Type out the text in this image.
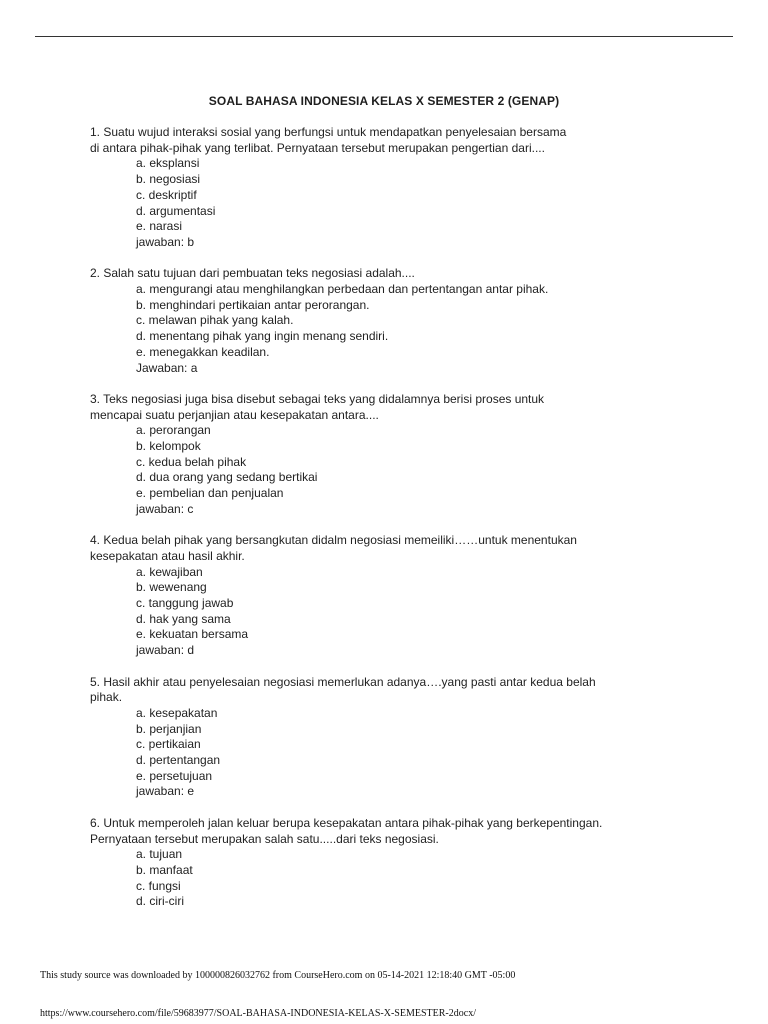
SOAL BAHASA INDONESIA KELAS X SEMESTER 2 (GENAP)
1. Suatu wujud interaksi sosial yang berfungsi untuk mendapatkan penyelesaian bersama
di antara pihak-pihak yang terlibat. Pernyataan tersebut merupakan pengertian dari....
a. eksplansi
b. negosiasi
c. deskriptif
d. argumentasi
e. narasi
jawaban: b
2. Salah satu tujuan dari pembuatan teks negosiasi adalah....
a. mengurangi atau menghilangkan perbedaan dan pertentangan antar pihak.
b. menghindari pertikaian antar perorangan.
c. melawan pihak yang kalah.
d. menentang pihak yang ingin menang sendiri.
e. menegakkan keadilan.
Jawaban: a
3. Teks negosiasi juga bisa disebut sebagai teks yang didalamnya berisi proses untuk
mencapai suatu perjanjian atau kesepakatan antara....
a. perorangan
b. kelompok
c. kedua belah pihak
d. dua orang yang sedang bertikai
e. pembelian dan penjualan
jawaban: c
4. Kedua belah pihak yang bersangkutan didalm negosiasi memeiliki……untuk menentukan
kesepakatan atau hasil akhir.
a. kewajiban
b. wewenang
c. tanggung jawab
d. hak yang sama
e. kekuatan bersama
jawaban: d
5. Hasil akhir atau penyelesaian negosiasi memerlukan adanya….yang pasti antar kedua belah
pihak.
a. kesepakatan
b. perjanjian
c. pertikaian
d. pertentangan
e. persetujuan
jawaban: e
6. Untuk memperoleh jalan keluar berupa kesepakatan antara pihak-pihak yang berkepentingan.
Pernyataan tersebut merupakan salah satu.....dari teks negosiasi.
a. tujuan
b. manfaat
c. fungsi
d. ciri-ciri
This study source was downloaded by 100000826032762 from CourseHero.com on 05-14-2021 12:18:40 GMT -05:00
https://www.coursehero.com/file/59683977/SOAL-BAHASA-INDONESIA-KELAS-X-SEMESTER-2docx/
